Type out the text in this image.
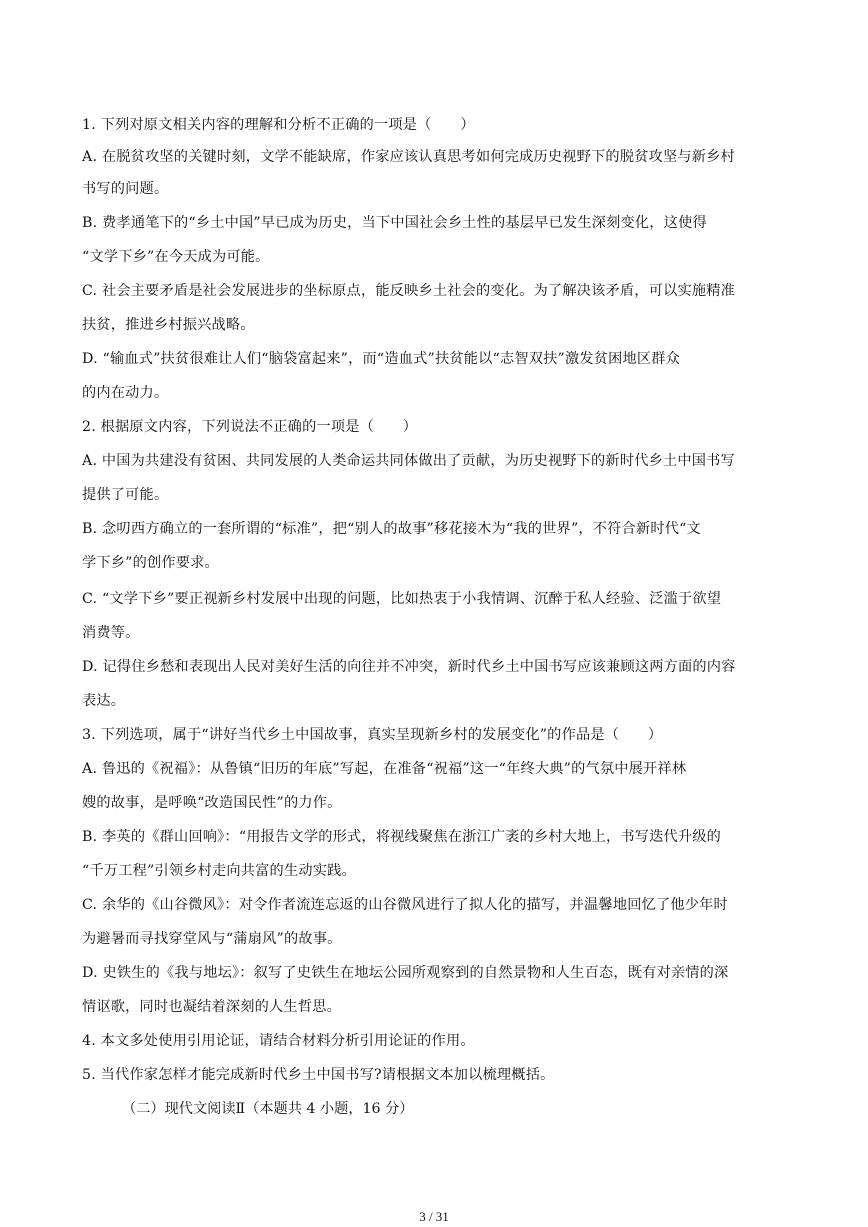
1. 下列对原文相关内容的理解和分析不正确的一项是（　　）
A. 在脱贫攻坚的关键时刻，文学不能缺席，作家应该认真思考如何完成历史视野下的脱贫攻坚与新乡村
书写的问题。
B. 费孝通笔下的“乡土中国”早已成为历史，当下中国社会乡土性的基层早已发生深刻变化，这使得
“文学下乡”在今天成为可能。
C. 社会主要矛盾是社会发展进步的坐标原点，能反映乡土社会的变化。为了解决该矛盾，可以实施精准
扶贫，推进乡村振兴战略。
D. “输血式”扶贫很难让人们“脑袋富起来”，而“造血式”扶贫能以“志智双扶”激发贫困地区群众
的内在动力。
2. 根据原文内容，下列说法不正确的一项是（　　）
A. 中国为共建没有贫困、共同发展的人类命运共同体做出了贡献，为历史视野下的新时代乡土中国书写
提供了可能。
B. 念叨西方确立的一套所谓的“标准”，把“别人的故事”移花接木为“我的世界”，不符合新时代“文
学下乡”的创作要求。
C. “文学下乡”要正视新乡村发展中出现的问题，比如热衷于小我情调、沉醉于私人经验、泛滥于欲望
消费等。
D. 记得住乡愁和表现出人民对美好生活的向往并不冲突，新时代乡土中国书写应该兼顾这两方面的内容
表达。
3. 下列选项，属于“讲好当代乡土中国故事，真实呈现新乡村的发展变化”的作品是（　　）
A. 鲁迅的《祝福》：从鲁镇“旧历的年底”写起，在准备“祝福”这一“年终大典”的气氛中展开祥林
嫂的故事，是呼唤“改造国民性”的力作。
B. 李英的《群山回响》：“用报告文学的形式，将视线聚焦在浙江广袤的乡村大地上，书写迭代升级的
“千万工程”引领乡村走向共富的生动实践。
C. 余华的《山谷微风》：对令作者流连忘返的山谷微风进行了拟人化的描写，并温馨地回忆了他少年时
为避暑而寻找穿堂风与“蒲扇风”的故事。
D. 史铁生的《我与地坛》：叙写了史铁生在地坛公园所观察到的自然景物和人生百态，既有对亲情的深
情讴歌，同时也凝结着深刻的人生哲思。
4. 本文多处使用引用论证，请结合材料分析引用论证的作用。
5. 当代作家怎样才能完成新时代乡土中国书写?请根据文本加以梳理概括。
（二）现代文阅读Ⅱ（本题共 4 小题，16 分）
3 / 31
